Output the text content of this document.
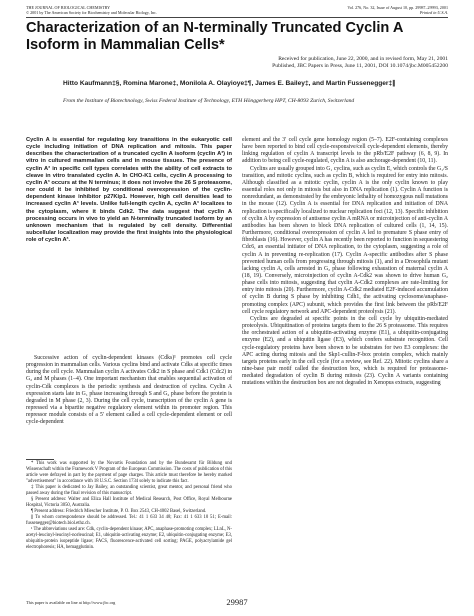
THE JOURNAL OF BIOLOGICAL CHEMISTRY
© 2001 by The American Society for Biochemistry and Molecular Biology, Inc.
Vol. 276, No. 32, Issue of August 10, pp. 29987–29993, 2001
Printed in U.S.A.
Characterization of an N-terminally Truncated Cyclin A Isoform in Mammalian Cells*
Received for publication, June 22, 2000, and in revised form, May 21, 2001
Published, JBC Papers in Press, June 11, 2001, DOI 10.1074/jbc.M005452200
Hitto Kaufmann‡§, Romina Marone‡, Monilola A. Olayioye‡¶, James E. Bailey‡, and Martin Fussenegger‡∥
From the Institute of Biotechnology, Swiss Federal Institute of Technology, ETH Hönggerberg HPT, CH-8093 Zurich, Switzerland
Cyclin A is essential for regulating key transitions in the eukaryotic cell cycle including initiation of DNA replication and mitosis. This paper describes the characterization of a truncated cyclin A isoform (cyclin A³) in vitro in cultured mammalian cells and in mouse tissues. The presence of cyclin A³ in specific cell types correlates with the ability of cell extracts to cleave in vitro translated cyclin A. In CHO-K1 cells, cyclin A processing to cyclin A³ occurs at the N terminus; it does not involve the 26 S proteasome, nor could it be inhibited by conditional overexpression of the cyclin-dependent kinase inhibitor p27Kip1. However, high cell densities lead to increased cyclin A³ levels. Unlike full-length cyclin A, cyclin A³ localizes to the cytoplasm, where it binds Cdk2. The data suggest that cyclin A processing occurs in vivo to yield an N-terminally truncated isoform by an unknown mechanism that is regulated by cell density. Differential subcellular localization may provide the first insights into the physiological role of cyclin A³.
Successive action of cyclin-dependent kinases (Cdks)¹ promotes cell cycle progression in mammalian cells. Various cyclins bind and activate Cdks at specific times during the cell cycle. Mammalian cyclin A activates Cdk2 in S phase and Cdk1 (Cdc2) in G₂ and M phases (1–4). One important mechanism that enables sequential activation of cyclin-Cdk complexes is the periodic synthesis and destruction of cyclins. Cyclin A expression starts late in G₁ phase increasing through S and G₂ phase before the protein is degraded in M phase (2, 3). During the cell cycle, transcription of the cyclin A gene is repressed via a bipartite negative regulatory element within its promoter region. This repressor module consists of a 5′ element called a cell cycle-dependent element or cell cycle-dependent

* This work was supported by the Novartis Foundation and by the Bundesamt für Bildung und Wissenschaft within the Framework V Program of the European Commission. The costs of publication of this article were defrayed in part by the payment of page charges. This article must therefore be hereby marked "advertisement" in accordance with 18 U.S.C. Section 1734 solely to indicate this fact.

‡ This paper is dedicated to Jay Bailey, an outstanding scientist, great mentor, and personal friend who passed away during the final revision of this manuscript.

§ Present address: Walter and Eliza Hall Institute of Medical Research, Post Office, Royal Melbourne Hospital, Victoria 3050, Australia.

¶ Present address: Friedrich Miescher Institute, P. O. Box 2543, CH-4002 Basel, Switzerland.

∥ To whom correspondence should be addressed. Tel.: 41 1 633 34 48; Fax: 41 1 633 10 51; E-mail: fussenegger@biotech.biol.ethz.ch.

¹ The abbreviations used are: Cdk, cyclin-dependent kinase; APC, anaphase-promoting complex; LLnL, N-acetyl-leucinyl-leucinyl-norleucinal; E1, ubiquitin-activating enzyme; E2, ubiquitin-conjugating enzyme; E3, ubiquitin-protein isopeptide ligase; FACS, fluorescence-activated cell sorting; PAGE, polyacrylamide gel electrophoresis; HA, hemagglutinin.

element and the 3′ cell cycle gene homology region (5–7). E2F-containing complexes have been reported to bind cell cycle-responsive/cell cycle-dependent elements, thereby linking regulation of cyclin A transcript levels to the pRb/E2F pathway (6, 8, 9). In addition to being cell cycle-regulated, cyclin A is also anchorage-dependent (10, 11).

Cyclins are usually grouped into G₁ cyclins, such as cyclin E, which controls the G₁/S transition, and mitotic cyclins, such as cyclin B, which is required for entry into mitosis. Although classified as a mitotic cyclin, cyclin A is the only cyclin known to play essential roles not only in mitosis but also in DNA replication (1). Cyclin A function is nonredundant, as demonstrated by the embryonic lethality of homozygous null mutations in the mouse (12). Cyclin A is essential for DNA replication and initiation of DNA replication is specifically localized to nuclear replication foci (12, 13). Specific inhibition of cyclin A by expression of antisense cyclin A mRNA or microinjection of anti-cyclin A antibodies has been shown to block DNA replication of cultured cells (1, 14, 15). Furthermore, conditional overexpression of cyclin A led to premature S phase entry of fibroblasts (16). However, cyclin A has recently been reported to function in sequestering Cdc6, an essential initiator of DNA replication, to the cytoplasm, suggesting a role of cyclin A in preventing re-replication (17). Cyclin A-specific antibodies after S phase prevented human cells from progressing through mitosis (1), and in a Drosophila mutant lacking cyclin A, cells arrested in G₂ phase following exhaustion of maternal cyclin A (18, 19). Conversely, microinjection of cyclin A-Cdk2 was shown to drive human G₂ phase cells into mitosis, suggesting that cyclin A-Cdk2 complexes are rate-limiting for entry into mitosis (20). Furthermore, cyclin A-Cdk2 mediated E2F-induced accumulation of cyclin B during S phase by inhibiting Cdh1, the activating cyclosome/anaphase-promoting complex (APC) subunit, which provides the first link between the pRb/E2F cell cycle regulatory network and APC-dependent proteolysis (21).

Cyclins are degraded at specific points in the cell cycle by ubiquitin-mediated proteolysis. Ubiquitination of proteins targets them to the 26 S proteasome. This requires the orchestrated action of a ubiquitin-activating enzyme (E1), a ubiquitin-conjugating enzyme (E2), and a ubiquitin ligase (E3), which confers substrate recognition. Cell cycle-regulatory proteins have been shown to be substrates for two E3 complexes: the APC acting during mitosis and the Skp1-cullin-F-box protein complex, which mainly targets proteins early in the cell cycle (for a review, see Ref. 22). Mitotic cyclins share a nine-base pair motif called the destruction box, which is required for proteasome-mediated degradation of cyclin B during mitosis (23). Cyclin A variants containing mutations within the destruction box are not degraded in Xenopus extracts, suggesting

This paper is available on line at http://www.jbc.org	29987
